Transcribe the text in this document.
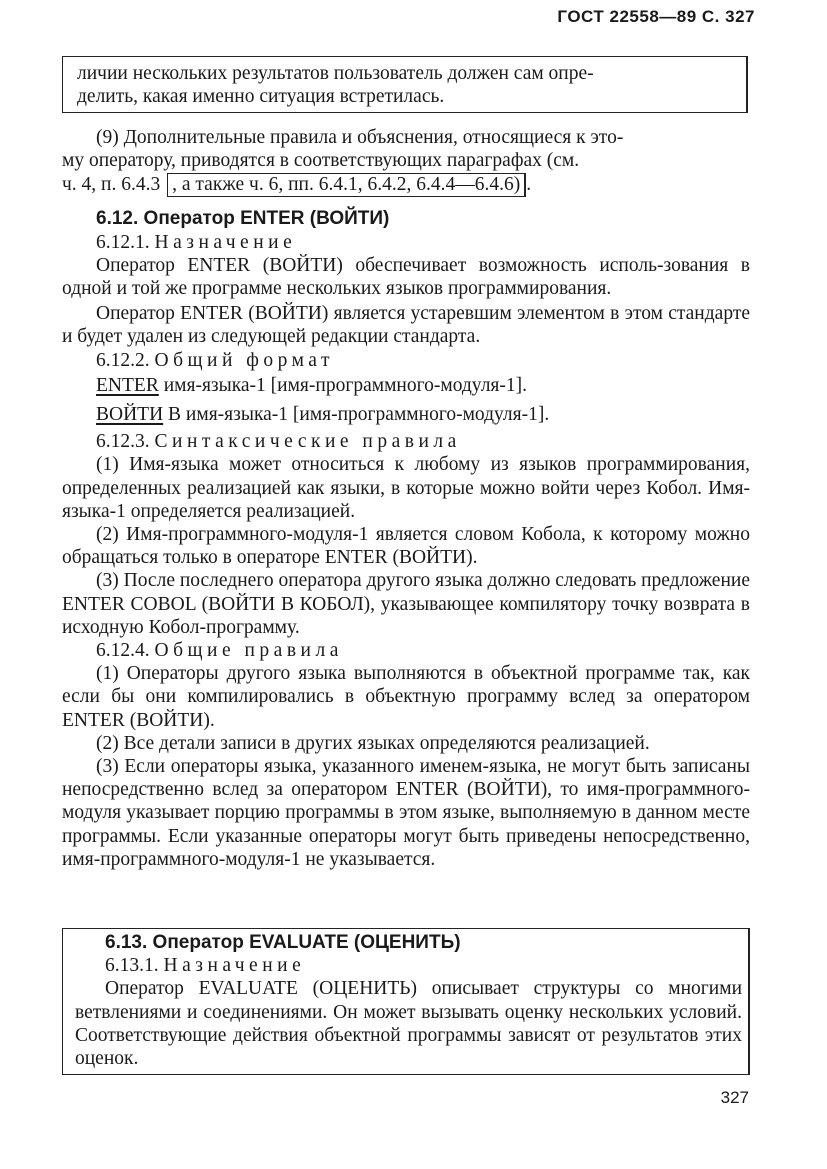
ГОСТ 22558—89 С. 327

личии нескольких результатов пользователь должен сам опре-

делить, какая именно ситуация встретилась.

(9) Дополнительные правила и объяснения, относящиеся к это-

му оператору, приводятся в соответствующих параграфах (см.

ч. 4, п. 6.4.3 , а также ч. 6, пп. 6.4.1, 6.4.2, 6.4.4—6.4.6) .

6.12. Оператор ENTER (ВОЙТИ)

6.12.1. Назначение

Оператор ENTER (ВОЙТИ) обеспечивает возможность исполь-зования в одной и той же программе нескольких языков программирования.

Оператор ENTER (ВОЙТИ) является устаревшим элементом в этом стандарте и будет удален из следующей редакции стандарта.

6.12.2. Общий формат

ENTER имя-языка-1 [имя-программного-модуля-1].

ВОЙТИ В имя-языка-1 [имя-программного-модуля-1].

6.12.3. Синтаксические правила

(1) Имя-языка может относиться к любому из языков программирования, определенных реализацией как языки, в которые можно войти через Кобол. Имя-языка-1 определяется реализацией.

(2) Имя-программного-модуля-1 является словом Кобола, к которому можно обращаться только в операторе ENTER (ВОЙТИ).

(3) После последнего оператора другого языка должно следовать предложение ENTER COBOL (ВОЙТИ В КОБОЛ), указывающее компилятору точку возврата в исходную Кобол-программу.

6.12.4. Общие правила

(1) Операторы другого языка выполняются в объектной программе так, как если бы они компилировались в объектную программу вслед за оператором ENTER (ВОЙТИ).

(2) Все детали записи в других языках определяются реализацией.

(3) Если операторы языка, указанного именем-языка, не могут быть записаны непосредственно вслед за оператором ENTER (ВОЙТИ), то имя-программного-модуля указывает порцию программы в этом языке, выполняемую в данном месте программы. Если указанные операторы могут быть приведены непосредственно, имя-программного-модуля-1 не указывается.

6.13. Оператор EVALUATE (ОЦЕНИТЬ)

6.13.1. Назначение

Оператор EVALUATE (ОЦЕНИТЬ) описывает структуры со многими ветвлениями и соединениями. Он может вызывать оценку нескольких условий. Соответствующие действия объектной программы зависят от результатов этих оценок.

327
